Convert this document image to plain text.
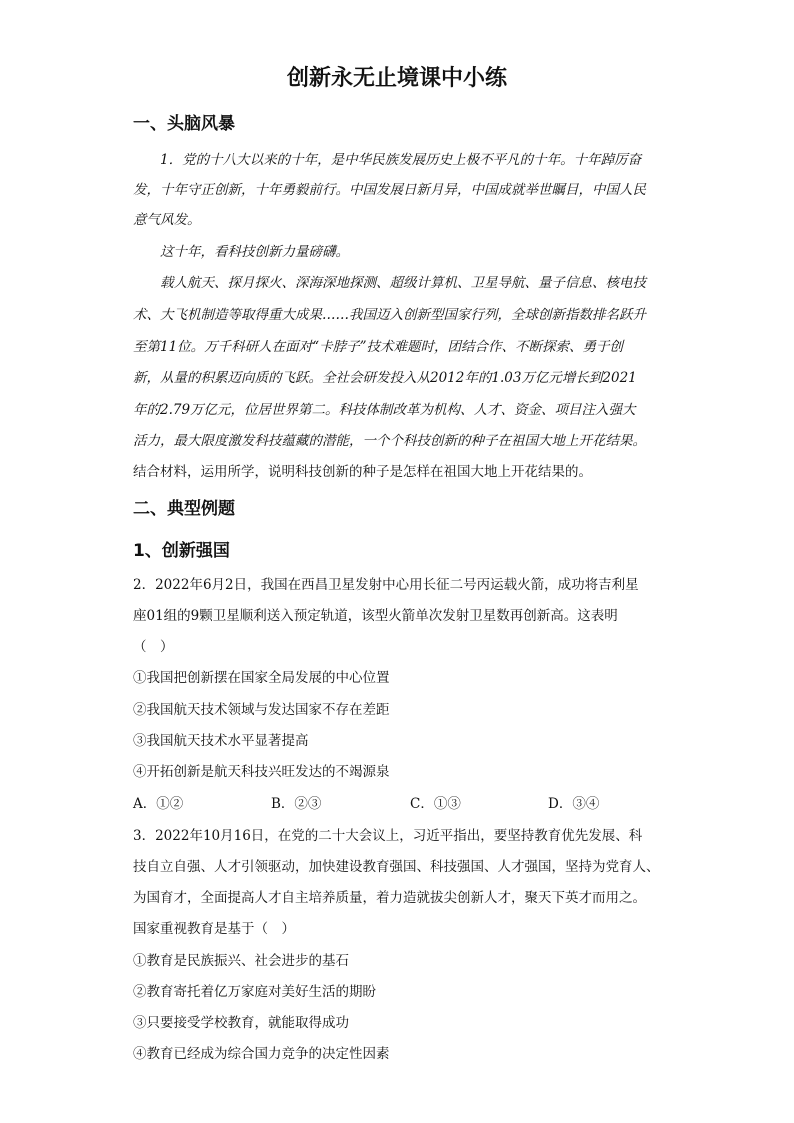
创新永无止境课中小练
一、头脑风暴
1．党的十八大以来的十年，是中华民族发展历史上极不平凡的十年。十年踔厉奋
发，十年守正创新，十年勇毅前行。中国发展日新月异，中国成就举世瞩目，中国人民
意气风发。
这十年，看科技创新力量磅礴。
载人航天、探月探火、深海深地探测、超级计算机、卫星导航、量子信息、核电技
术、大飞机制造等取得重大成果……我国迈入创新型国家行列，全球创新指数排名跃升
至第11位。万千科研人在面对“卡脖子”技术难题时，团结合作、不断探索、勇于创
新，从量的积累迈向质的飞跃。全社会研发投入从2012年的1.03万亿元增长到2021
年的2.79万亿元，位居世界第二。科技体制改革为机构、人才、资金、项目注入强大
活力，最大限度激发科技蕴藏的潜能，一个个科技创新的种子在祖国大地上开花结果。
结合材料，运用所学，说明科技创新的种子是怎样在祖国大地上开花结果的。
二、典型例题
1、创新强国
2．2022年6月2日，我国在西昌卫星发射中心用长征二号丙运载火箭，成功将吉利星
座01组的9颗卫星顺利送入预定轨道，该型火箭单次发射卫星数再创新高。这表明
（　）
①我国把创新摆在国家全局发展的中心位置
②我国航天技术领域与发达国家不存在差距
③我国航天技术水平显著提高
④开拓创新是航天科技兴旺发达的不竭源泉
A．①②	B．②③	C．①③	D．③④
3．2022年10月16日，在党的二十大会议上，习近平指出，要坚持教育优先发展、科
技自立自强、人才引领驱动，加快建设教育强国、科技强国、人才强国，坚持为党育人、
为国育才，全面提高人才自主培养质量，着力造就拔尖创新人才，聚天下英才而用之。
国家重视教育是基于（　）
①教育是民族振兴、社会进步的基石
②教育寄托着亿万家庭对美好生活的期盼
③只要接受学校教育，就能取得成功
④教育已经成为综合国力竞争的决定性因素
